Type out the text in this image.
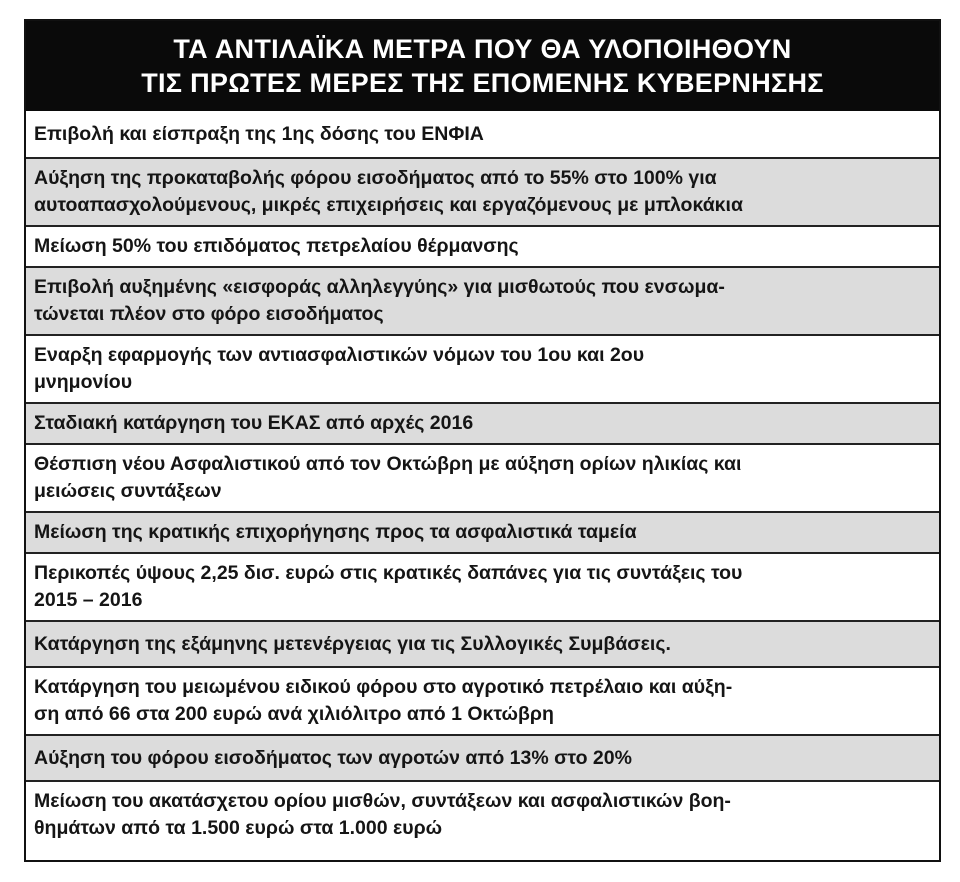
ΤΑ ΑΝΤΙΛΑΪΚΑ ΜΕΤΡΑ ΠΟΥ ΘΑ ΥΛΟΠΟΙΗΘΟΥΝ
ΤΙΣ ΠΡΩΤΕΣ ΜΕΡΕΣ ΤΗΣ ΕΠΟΜΕΝΗΣ ΚΥΒΕΡΝΗΣΗΣ
Επιβολή και είσπραξη της 1ης δόσης του ΕΝΦΙΑ
Αύξηση της προκαταβολής φόρου εισοδήματος από το 55% στο 100% για
αυτοαπασχολούμενους, μικρές επιχειρήσεις και εργαζόμενους με μπλοκάκια
Μείωση 50% του επιδόματος πετρελαίου θέρμανσης
Επιβολή αυξημένης «εισφοράς αλληλεγγύης» για μισθωτούς που ενσωμα-
τώνεται πλέον στο φόρο εισοδήματος
Εναρξη εφαρμογής των αντιασφαλιστικών νόμων του 1ου και 2ου
μνημονίου
Σταδιακή κατάργηση του ΕΚΑΣ από αρχές 2016
Θέσπιση νέου Ασφαλιστικού από τον Οκτώβρη με αύξηση ορίων ηλικίας και
μειώσεις συντάξεων
Μείωση της κρατικής επιχορήγησης προς τα ασφαλιστικά ταμεία
Περικοπές ύψους 2,25 δισ. ευρώ στις κρατικές δαπάνες για τις συντάξεις του
2015 – 2016
Κατάργηση της εξάμηνης μετενέργειας για τις Συλλογικές Συμβάσεις.
Κατάργηση του μειωμένου ειδικού φόρου στο αγροτικό πετρέλαιο και αύξη-
ση από 66 στα 200 ευρώ ανά χιλιόλιτρο από 1 Οκτώβρη
Αύξηση του φόρου εισοδήματος των αγροτών από 13% στο 20%
Μείωση του ακατάσχετου ορίου μισθών, συντάξεων και ασφαλιστικών βοη-
θημάτων από τα 1.500 ευρώ στα 1.000 ευρώ
